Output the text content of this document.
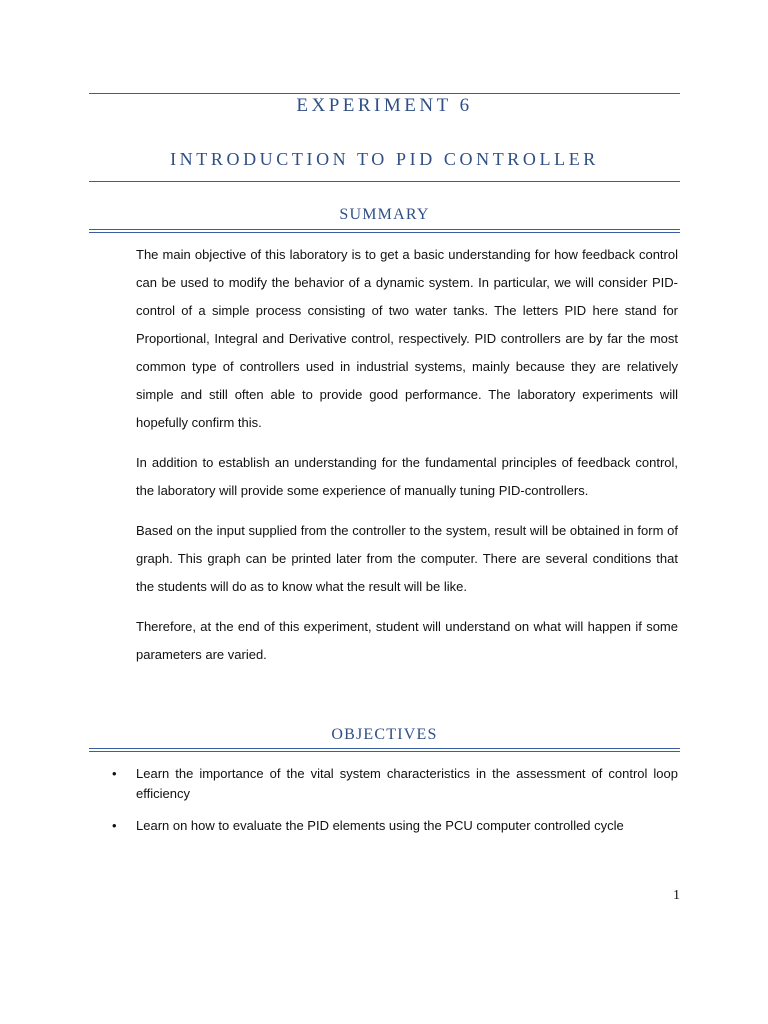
EXPERIMENT 6
INTRODUCTION TO PID CONTROLLER
SUMMARY

The main objective of this laboratory is to get a basic understanding for how feedback control can be used to modify the behavior of a dynamic system. In particular, we will consider PID-control of a simple process consisting of two water tanks. The letters PID here stand for Proportional, Integral and Derivative control, respectively. PID controllers are by far the most common type of controllers used in industrial systems, mainly because they are relatively simple and still often able to provide good performance. The laboratory experiments will hopefully confirm this.

In addition to establish an understanding for the fundamental principles of feedback control, the laboratory will provide some experience of manually tuning PID-controllers.

Based on the input supplied from the controller to the system, result will be obtained in form of graph. This graph can be printed later from the computer. There are several conditions that the students will do as to know what the result will be like.

Therefore, at the end of this experiment, student will understand on what will happen if some parameters are varied.

OBJECTIVES
• Learn the importance of the vital system characteristics in the assessment of control loop efficiency
• Learn on how to evaluate the PID elements using the PCU computer controlled cycle
1
